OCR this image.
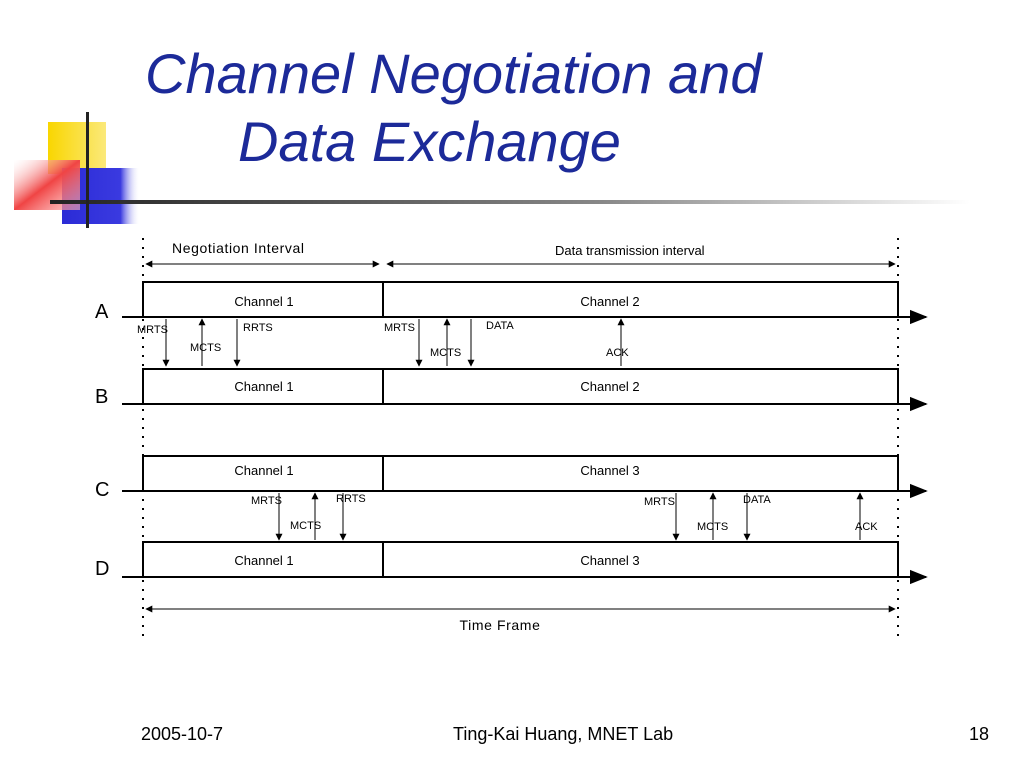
Channel Negotiation and
Data Exchange
Negotiation Interval	Data transmission interval
A	Channel 1	Channel 2
B	Channel 1	Channel 2
MRTS
MCTS
RRTS	MRTS
MCTS
DATA
ACK
C
Channel 1	Channel 3
D	Channel 1	Channel 3
MRTS
MCTS
RRTS	MRTS
MCTS
DATA
ACK
Time Frame
2005-10-7	Ting-Kai Huang, MNET Lab	18
